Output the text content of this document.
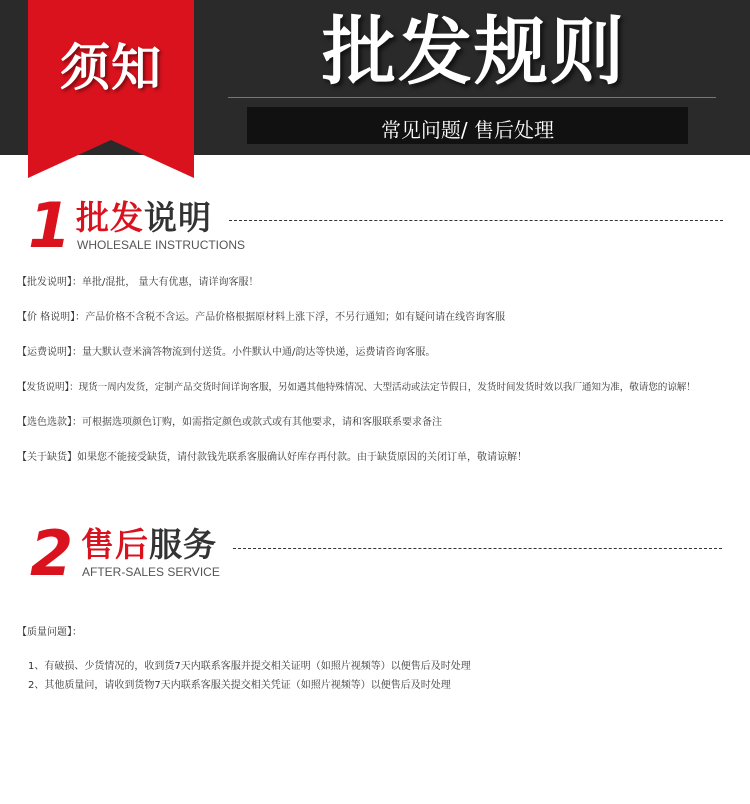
须知	批发规则
常见问题/ 售后处理
1 批发说明
WHOLESALE INSTRUCTIONS
【批发说明】：单批/混批， 量大有优惠，请详询客服！
【价 格说明】：产品价格不含税不含运。产品价格根据原材料上涨下浮，不另行通知；如有疑问请在线咨询客服
【运费说明】：量大默认壹米滴答物流到付送货。小件默认中通/韵达等快递，运费请咨询客服。
【发货说明】：现货一周内发货，定制产品交货时间详询客服，另如遇其他特殊情况、大型活动或法定节假日，发货时间发货时效以我厂通知为准，敬请您的谅解！
【选色选款】：可根据选项颜色订购，如需指定颜色或款式或有其他要求，请和客服联系要求备注
【关于缺货】如果您不能接受缺货，请付款钱先联系客服确认好库存再付款。由于缺货原因的关闭订单，敬请谅解！
2 售后服务
AFTER-SALES SERVICE
【质量问题】：
1、有破损、少货情况的，收到货7天内联系客服并提交相关证明（如照片视频等）以便售后及时处理
2、其他质量问，请收到货物7天内联系客服关提交相关凭证（如照片视频等）以便售后及时处理
